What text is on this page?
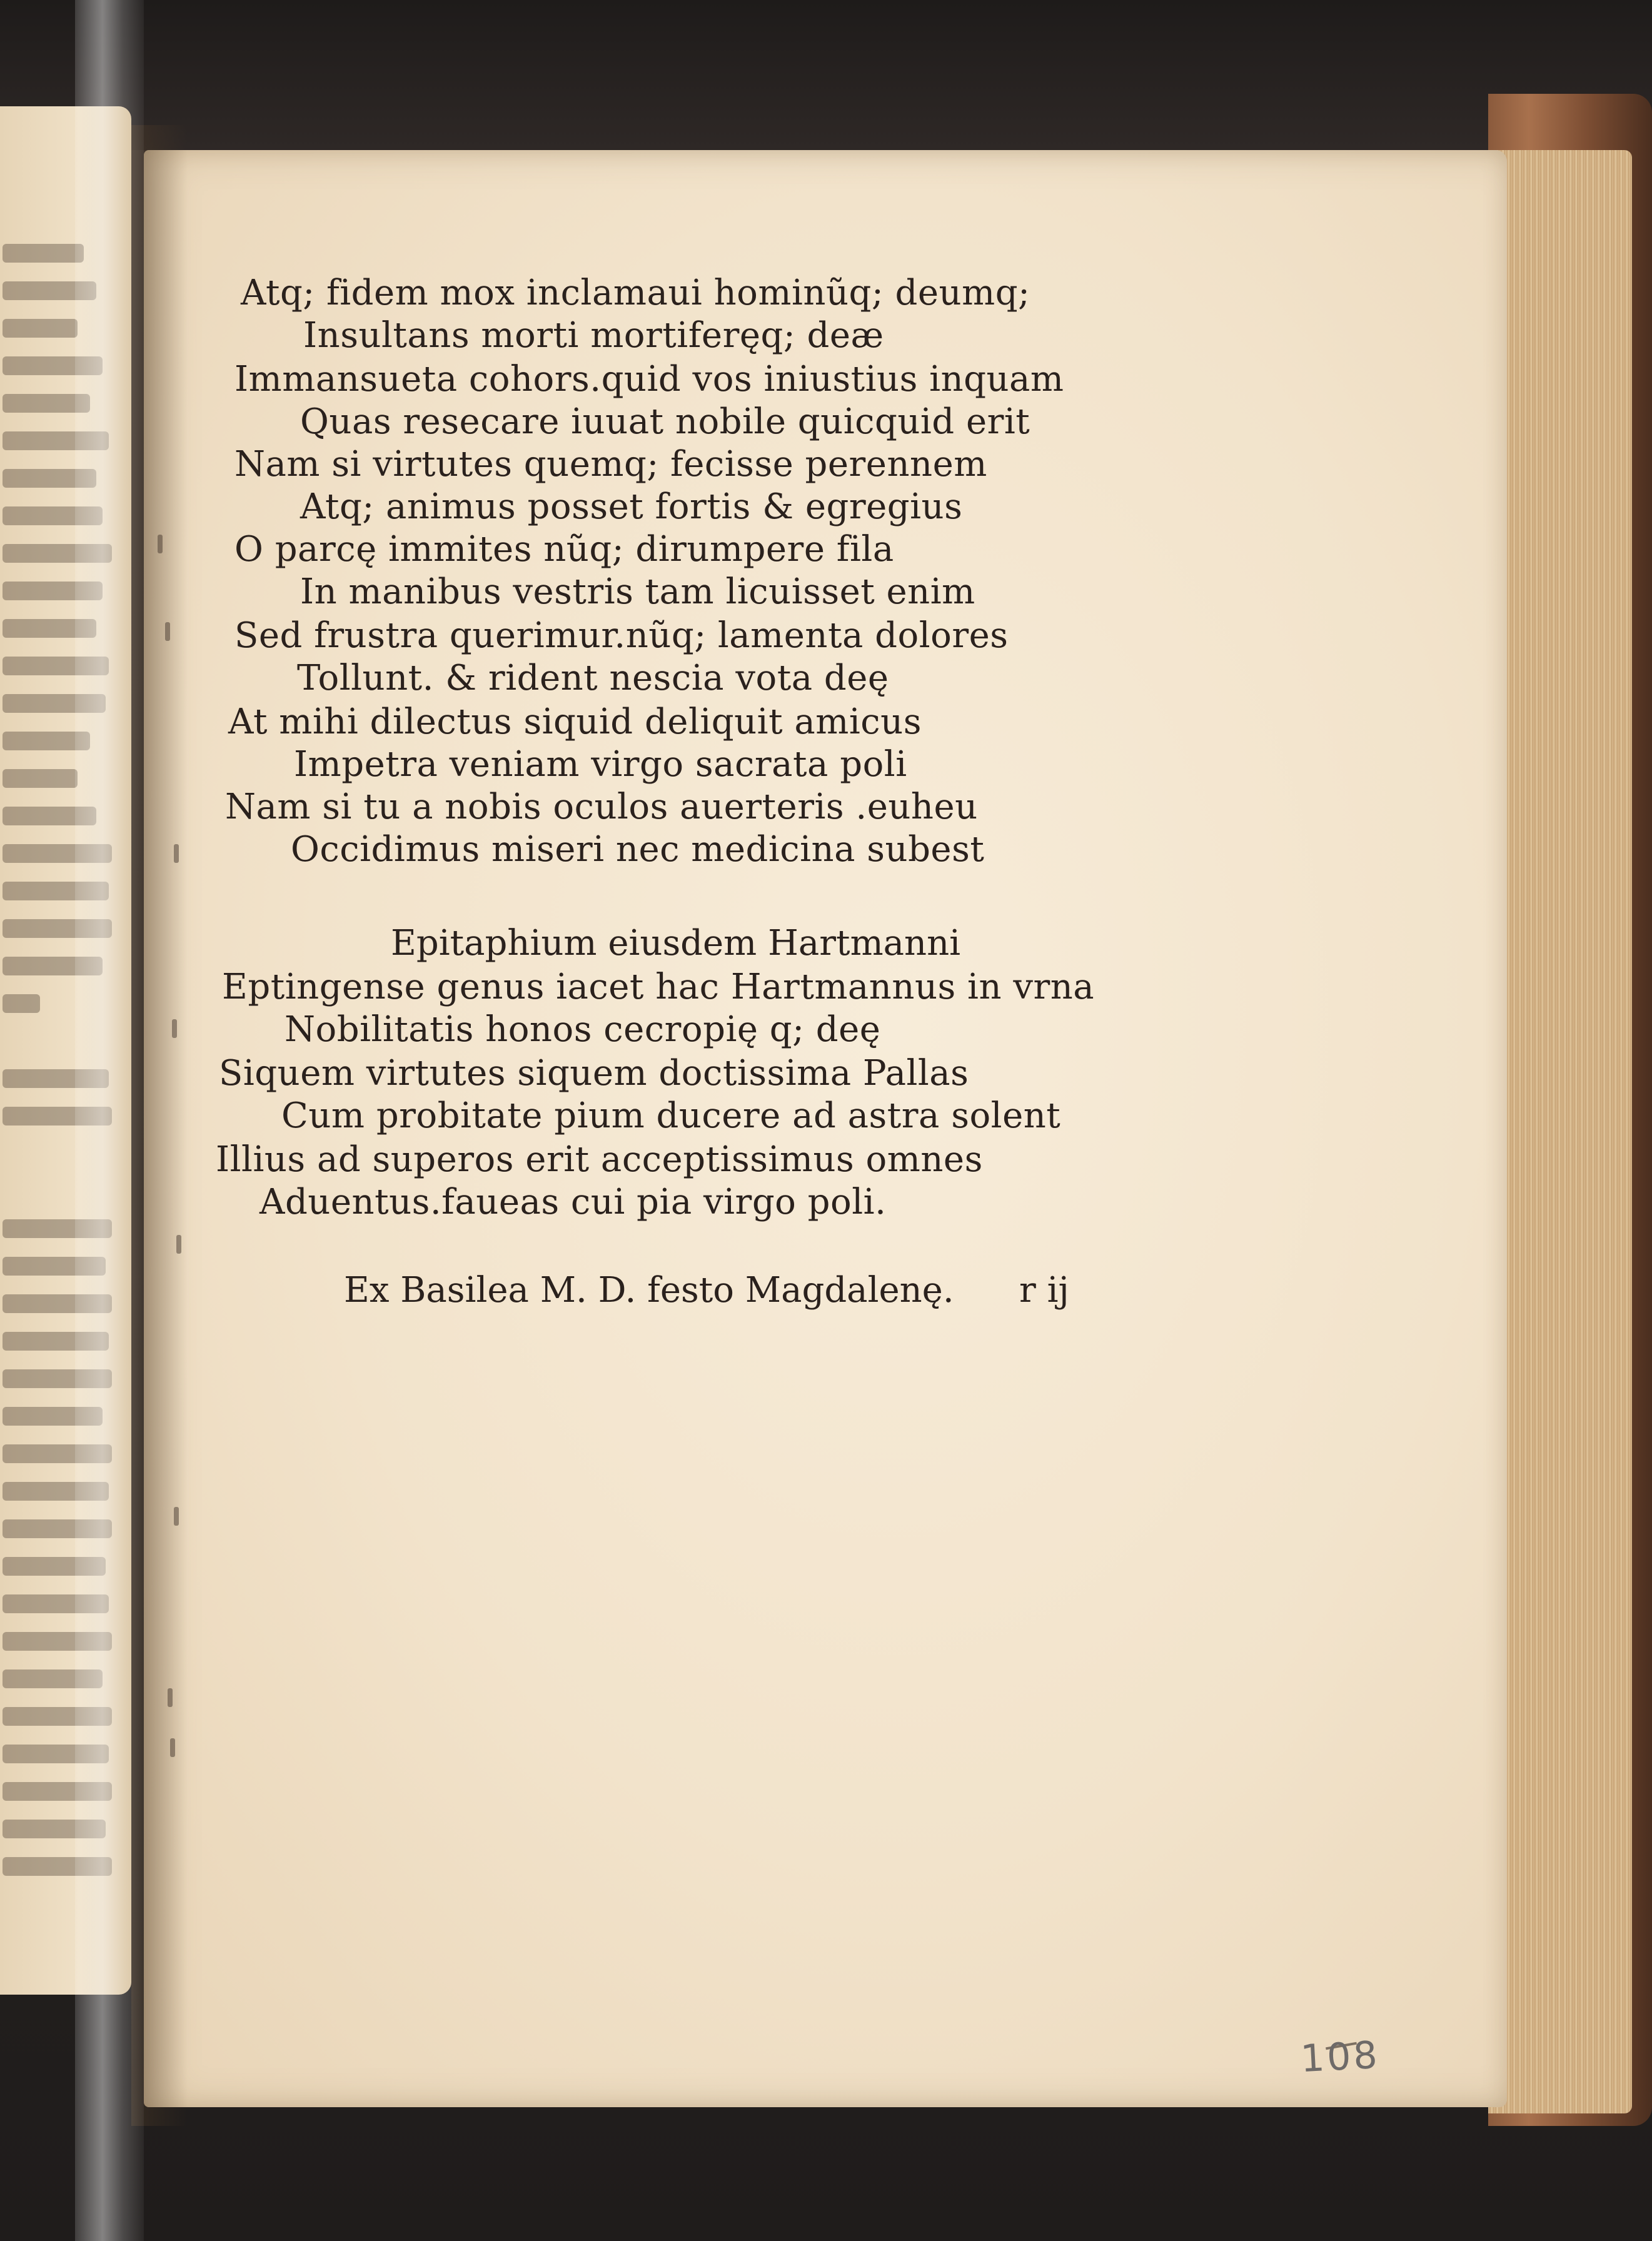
Atq; fidem mox inclamaui hominũq; deumq;
Insultans morti mortiferęq; deæ
Immansueta cohors.quid vos iniustius inquam
Quas resecare iuuat nobile quicquid erit
Nam si virtutes quemq; fecisse perennem
Atq; animus posset fortis & egregius
O parcę immites nũq; dirumpere fila
In manibus vestris tam licuisset enim
Sed frustra querimur.nũq; lamenta dolores
Tollunt. & rident nescia vota deę
At mihi dilectus siquid deliquit amicus
Impetra veniam virgo sacrata poli
Nam si tu a nobis oculos auerteris .euheu
Occidimus miseri nec medicina subest
Epitaphium eiusdem Hartmanni
Eptingense genus iacet hac Hartmannus in vrna
Nobilitatis honos cecropię q; deę
Siquem virtutes siquem doctissima Pallas
Cum probitate pium ducere ad astra solent
Illius ad superos erit acceptissimus omnes
Aduentus.faueas cui pia virgo poli.
Ex Basilea M. D. festo Magdalenę. r ij
108
